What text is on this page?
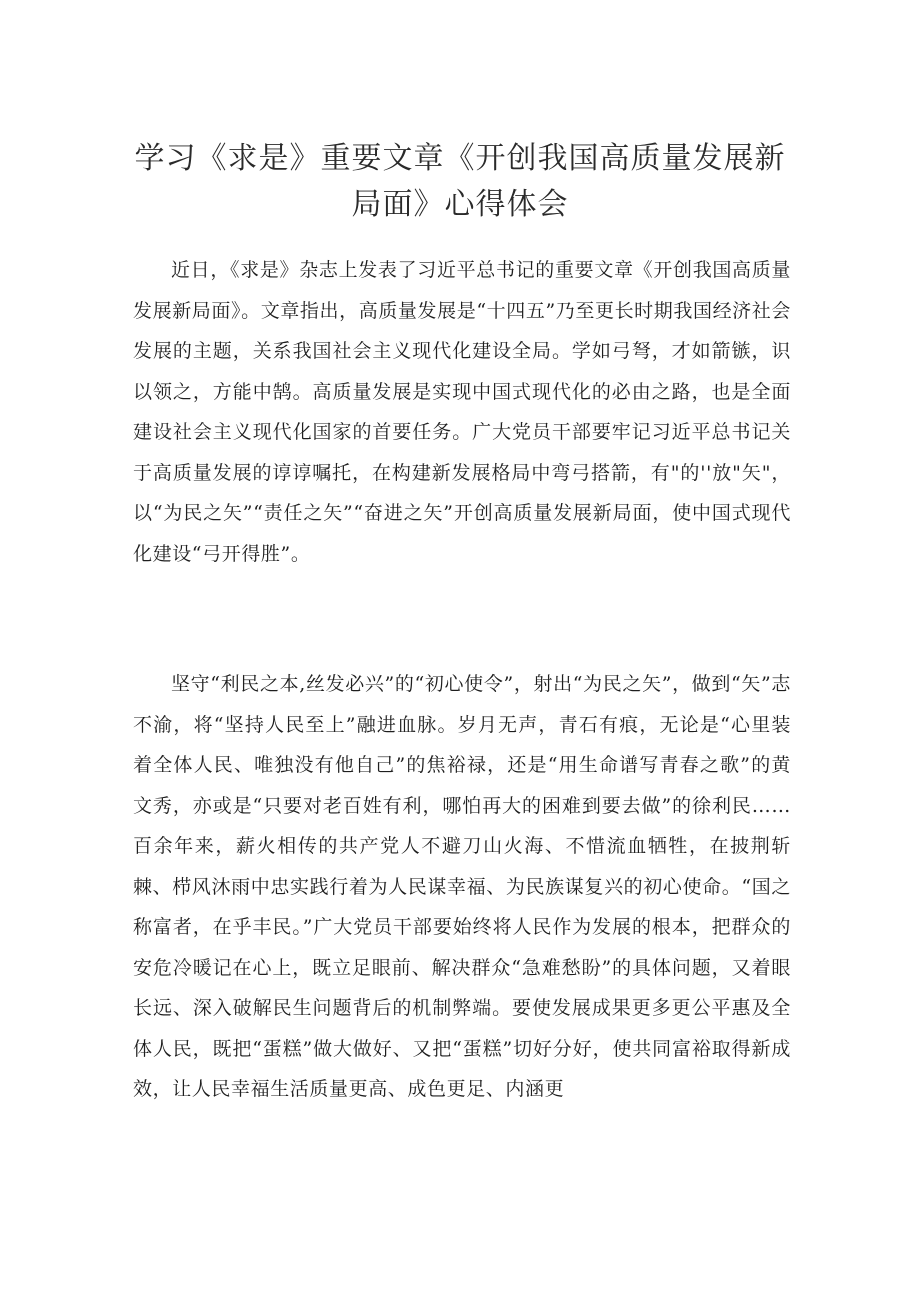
学习《求是》重要文章《开创我国高质量发展新局面》心得体会

近日，《求是》杂志上发表了习近平总书记的重要文章《开创我国高质量发展新局面》。文章指出，高质量发展是“十四五”乃至更长时期我国经济社会发展的主题，关系我国社会主义现代化建设全局。学如弓弩，才如箭镞，识以领之，方能中鹄。高质量发展是实现中国式现代化的必由之路，也是全面建设社会主义现代化国家的首要任务。广大党员干部要牢记习近平总书记关于高质量发展的谆谆嘱托，在构建新发展格局中弯弓搭箭，有"的''放"矢"，以“为民之矢”“责任之矢”“奋进之矢”开创高质量发展新局面，使中国式现代化建设“弓开得胜”。

坚守“利民之本,丝发必兴”的“初心使令”，射出“为民之矢”，做到“矢”志不渝，将“坚持人民至上”融进血脉。岁月无声，青石有痕，无论是“心里装着全体人民、唯独没有他自己”的焦裕禄，还是“用生命谱写青春之歌”的黄文秀，亦或是“只要对老百姓有利，哪怕再大的困难到要去做”的徐利民……百余年来，薪火相传的共产党人不避刀山火海、不惜流血牺牲，在披荆斩棘、栉风沐雨中忠实践行着为人民谋幸福、为民族谋复兴的初心使命。“国之称富者，在乎丰民。”广大党员干部要始终将人民作为发展的根本，把群众的安危冷暖记在心上，既立足眼前、解决群众“急难愁盼”的具体问题，又着眼长远、深入破解民生问题背后的机制弊端。要使发展成果更多更公平惠及全体人民，既把“蛋糕”做大做好、又把“蛋糕”切好分好，使共同富裕取得新成效，让人民幸福生活质量更高、成色更足、内涵更
